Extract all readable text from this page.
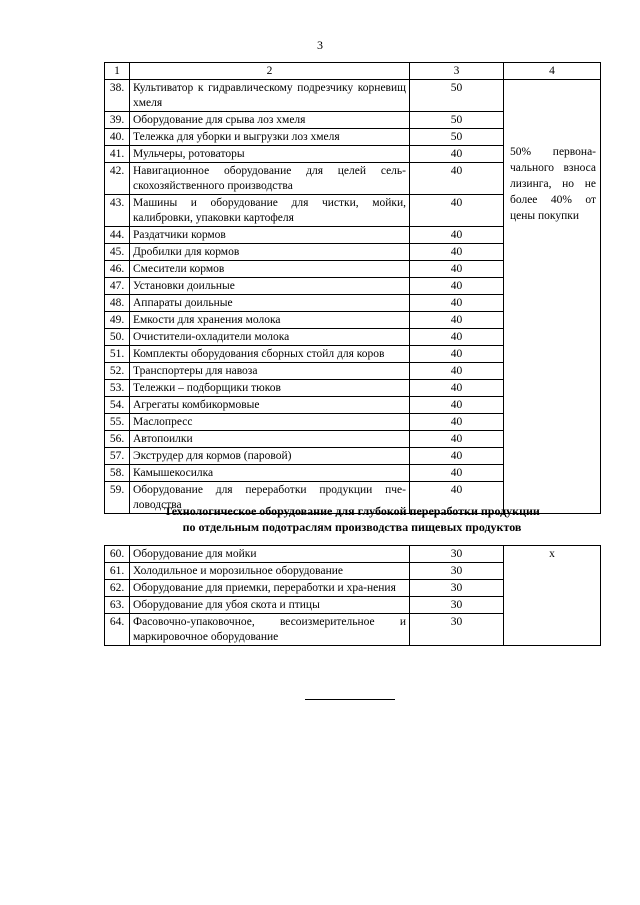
3
1	2	3	4
38.	Культиватор к гидравлическому подрезчику корневищ хмеля	50	50% первона-чального взноса лизинга, но не более 40% от цены покупки
39.	Оборудование для срыва лоз хмеля	50	
40.	Тележка для уборки и выгрузки лоз хмеля	50	
41.	Мульчеры, ротоваторы	40	
42.	Навигационное оборудование для целей сель-скохозяйственного производства	40	
43.	Машины и оборудование для чистки, мойки, калибровки, упаковки картофеля	40	
44.	Раздатчики кормов	40	
45.	Дробилки для кормов	40	
46.	Смесители кормов	40	
47.	Установки доильные	40	
48.	Аппараты доильные	40	
49.	Емкости для хранения молока	40	
50.	Очистители-охладители молока	40	
51.	Комплекты оборудования сборных стойл для коров	40	
52.	Транспортеры для навоза	40	
53.	Тележки – подборщики тюков	40	
54.	Агрегаты комбикормовые	40	
55.	Маслопресс	40	
56.	Автопоилки	40	
57.	Экструдер для кормов (паровой)	40	
58.	Камышекосилка	40	
59.	Оборудование для переработки продукции пче-ловодства	40	
Технологическое оборудование для глубокой переработки продукции
по отдельным подотраслям производства пищевых продуктов
60.	Оборудование для мойки	30	x
61.	Холодильное и морозильное оборудование	30	
62.	Оборудование для приемки, переработки и хра-нения	30	
63.	Оборудование для убоя скота и птицы	30	
64.	Фасовочно-упаковочное, весоизмерительное и маркировочное оборудование	30	
